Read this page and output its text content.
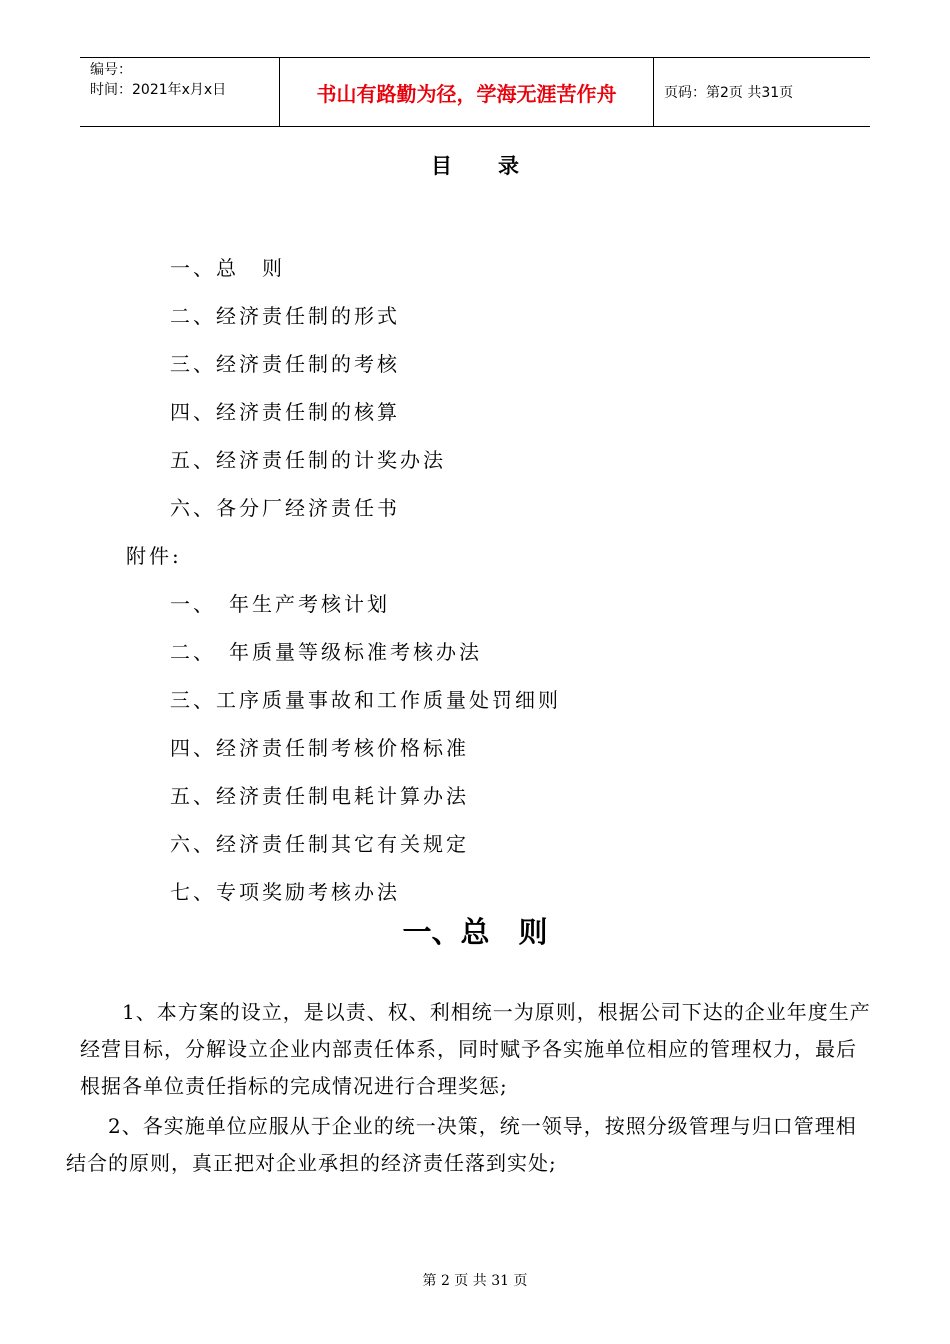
编号：
时间：2021年x月x日	书山有路勤为径，学海无涯苦作舟	页码：第2页 共31页
目录
一、总　则
二、经济责任制的形式
三、经济责任制的考核
四、经济责任制的核算
五、经济责任制的计奖办法
六、各分厂经济责任书
附件:
一、　年生产考核计划
二、　年质量等级标准考核办法
三、工序质量事故和工作质量处罚细则
四、经济责任制考核价格标准
五、经济责任制电耗计算办法
六、经济责任制其它有关规定
七、专项奖励考核办法
一、总　则
1、本方案的设立，是以责、权、利相统一为原则，根据公司下达的企业年度生产经营目标，分解设立企业内部责任体系，同时赋予各实施单位相应的管理权力，最后根据各单位责任指标的完成情况进行合理奖惩;
2、各实施单位应服从于企业的统一决策，统一领导，按照分级管理与归口管理相结合的原则，真正把对企业承担的经济责任落到实处;
第 2 页 共 31 页
